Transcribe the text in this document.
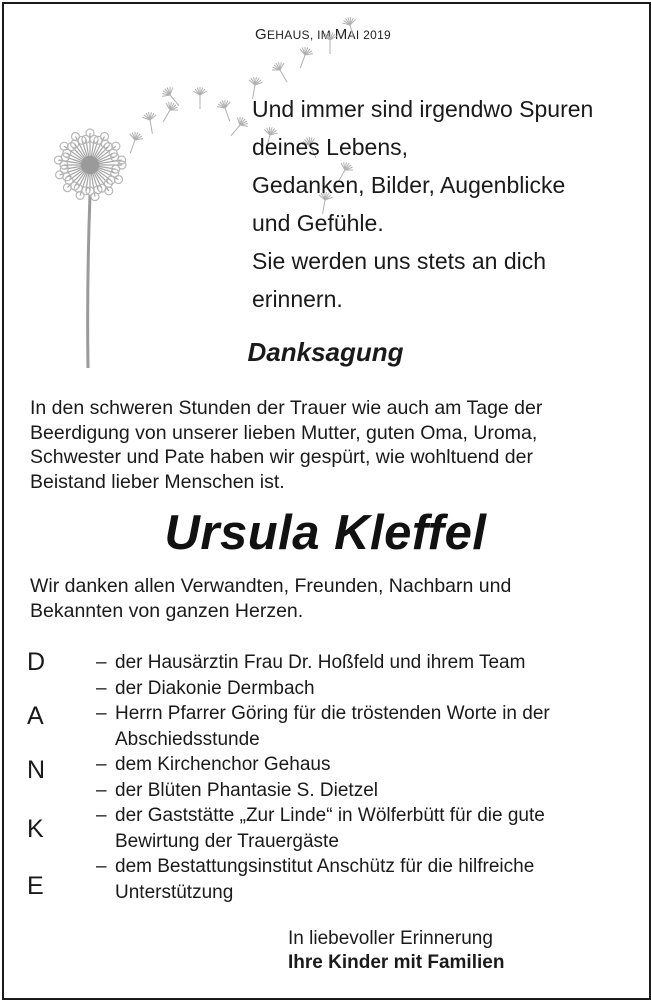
GEHAUS, IM MAI 2019
Und immer sind irgendwo Spuren
deines Lebens,
Gedanken, Bilder, Augenblicke
und Gefühle.
Sie werden uns stets an dich
erinnern.
Danksagung
In den schweren Stunden der Trauer wie auch am Tage der
Beerdigung von unserer lieben Mutter, guten Oma, Uroma,
Schwester und Pate haben wir gespürt, wie wohltuend der
Beistand lieber Menschen ist.
Ursula Kleffel
Wir danken allen Verwandten, Freunden, Nachbarn und
Bekannten von ganzen Herzen.
D
A
N
K
E
– der Hausärztin Frau Dr. Hoßfeld und ihrem Team
– der Diakonie Dermbach
– Herrn Pfarrer Göring für die tröstenden Worte in der
Abschiedsstunde
– dem Kirchenchor Gehaus
– der Blüten Phantasie S. Dietzel
– der Gaststätte „Zur Linde“ in Wölferbütt für die gute
Bewirtung der Trauergäste
– dem Bestattungsinstitut Anschütz für die hilfreiche
Unterstützung
In liebevoller Erinnerung
Ihre Kinder mit Familien
